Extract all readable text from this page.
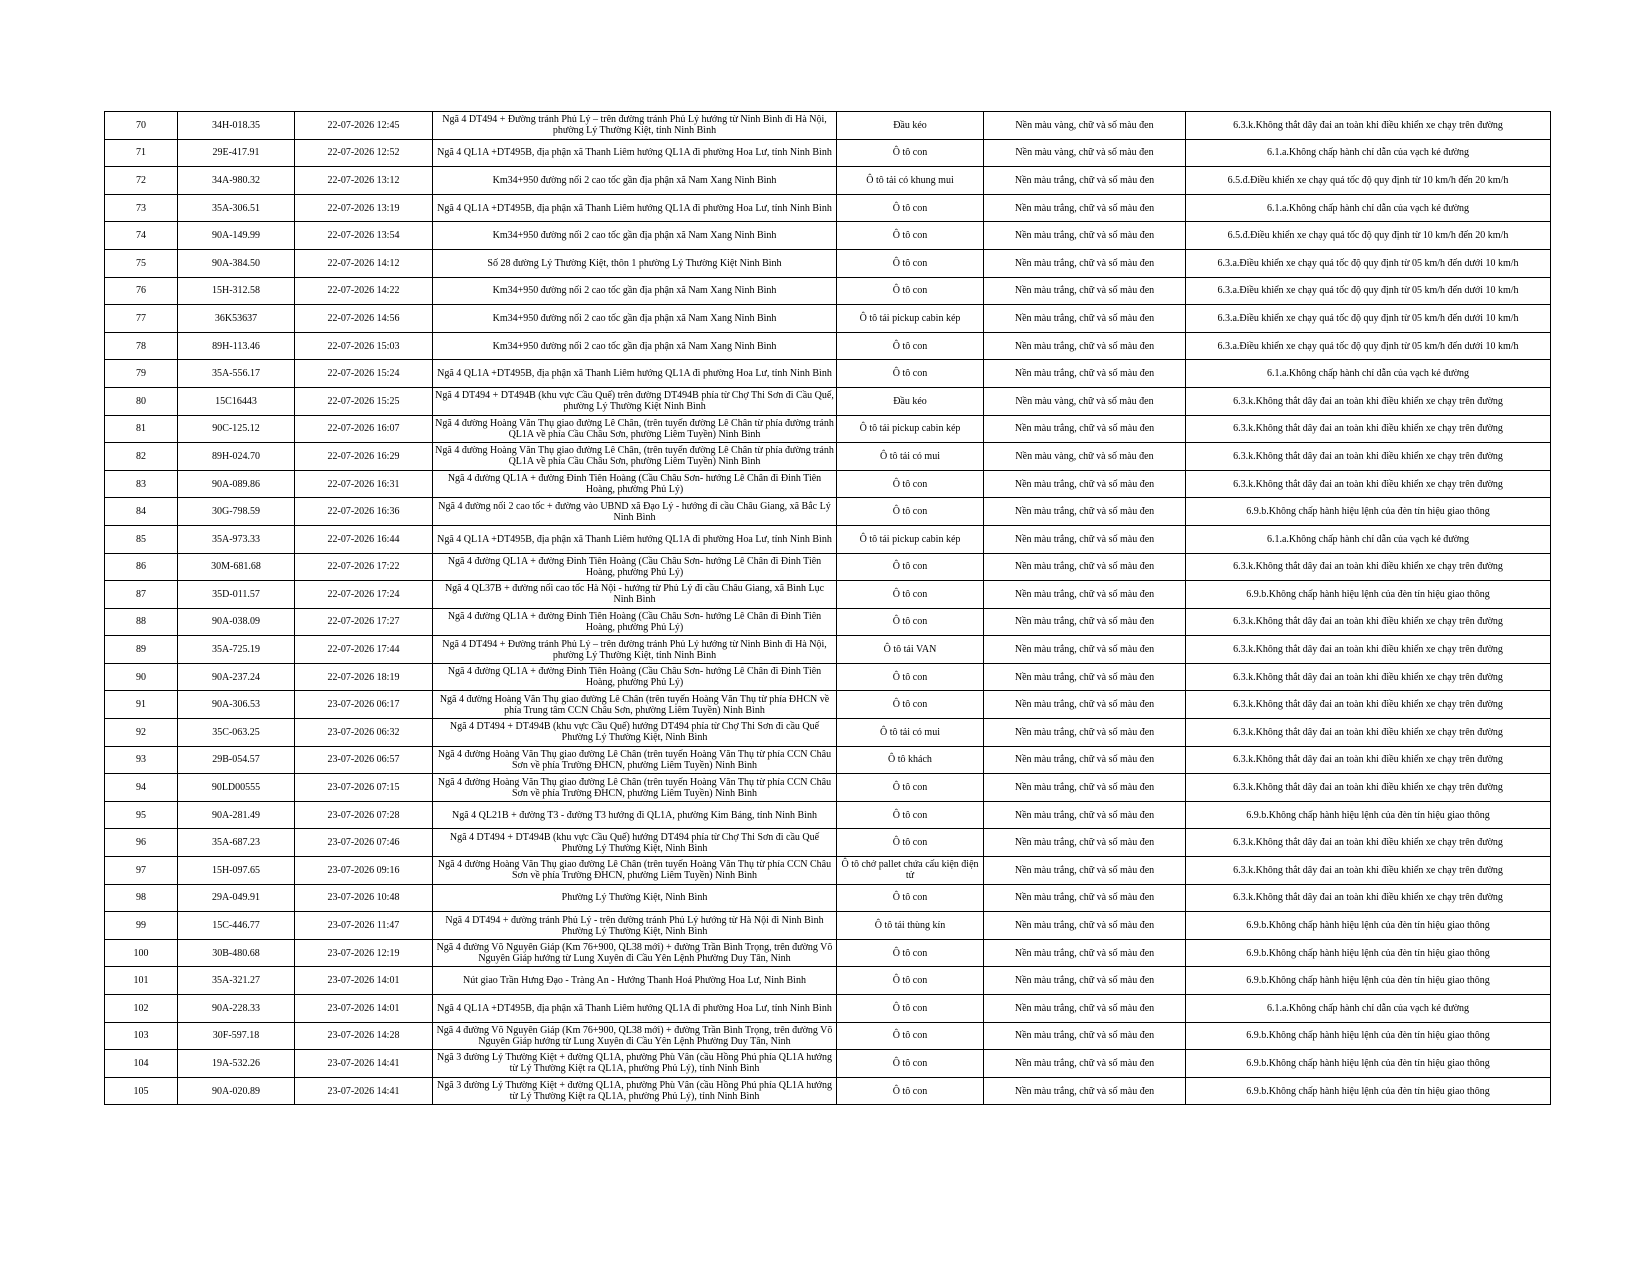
70	34H-018.35	22-07-2026 12:45	Ngã 4 DT494 + Đường tránh Phủ Lý – trên đường tránh Phủ Lý hướng từ Ninh Bình đi Hà Nội, phường Lý Thường Kiệt, tỉnh Ninh Bình	Đầu kéo	Nền màu vàng, chữ và số màu đen	6.3.k.Không thắt dây đai an toàn khi điều khiển xe chạy trên đường
71	29E-417.91	22-07-2026 12:52	Ngã 4 QL1A +DT495B, địa phận xã Thanh Liêm hướng QL1A đi phường Hoa Lư, tỉnh Ninh Bình	Ô tô con	Nền màu vàng, chữ và số màu đen	6.1.a.Không chấp hành chỉ dẫn của vạch kẻ đường
72	34A-980.32	22-07-2026 13:12	Km34+950 đường nối 2 cao tốc gần địa phận xã Nam Xang Ninh Bình	Ô tô tải có khung mui	Nền màu trắng, chữ và số màu đen	6.5.đ.Điều khiển xe chạy quá tốc độ quy định từ 10 km/h đến 20 km/h
73	35A-306.51	22-07-2026 13:19	Ngã 4 QL1A +DT495B, địa phận xã Thanh Liêm hướng QL1A đi phường Hoa Lư, tỉnh Ninh Bình	Ô tô con	Nền màu trắng, chữ và số màu đen	6.1.a.Không chấp hành chỉ dẫn của vạch kẻ đường
74	90A-149.99	22-07-2026 13:54	Km34+950 đường nối 2 cao tốc gần địa phận xã Nam Xang Ninh Bình	Ô tô con	Nền màu trắng, chữ và số màu đen	6.5.đ.Điều khiển xe chạy quá tốc độ quy định từ 10 km/h đến 20 km/h
75	90A-384.50	22-07-2026 14:12	Số 28 đường Lý Thường Kiệt, thôn 1 phường Lý Thường Kiệt Ninh Bình	Ô tô con	Nền màu trắng, chữ và số màu đen	6.3.a.Điều khiển xe chạy quá tốc độ quy định từ 05 km/h đến dưới 10 km/h
76	15H-312.58	22-07-2026 14:22	Km34+950 đường nối 2 cao tốc gần địa phận xã Nam Xang Ninh Bình	Ô tô con	Nền màu trắng, chữ và số màu đen	6.3.a.Điều khiển xe chạy quá tốc độ quy định từ 05 km/h đến dưới 10 km/h
77	36K53637	22-07-2026 14:56	Km34+950 đường nối 2 cao tốc gần địa phận xã Nam Xang Ninh Bình	Ô tô tải pickup cabin kép	Nền màu trắng, chữ và số màu đen	6.3.a.Điều khiển xe chạy quá tốc độ quy định từ 05 km/h đến dưới 10 km/h
78	89H-113.46	22-07-2026 15:03	Km34+950 đường nối 2 cao tốc gần địa phận xã Nam Xang Ninh Bình	Ô tô con	Nền màu trắng, chữ và số màu đen	6.3.a.Điều khiển xe chạy quá tốc độ quy định từ 05 km/h đến dưới 10 km/h
79	35A-556.17	22-07-2026 15:24	Ngã 4 QL1A +DT495B, địa phận xã Thanh Liêm hướng QL1A đi phường Hoa Lư, tỉnh Ninh Bình	Ô tô con	Nền màu trắng, chữ và số màu đen	6.1.a.Không chấp hành chỉ dẫn của vạch kẻ đường
80	15C16443	22-07-2026 15:25	Ngã 4 DT494 + DT494B (khu vực Cầu Quế) trên đường DT494B phía từ Chợ Thi Sơn đi Cầu Quế, phường Lý Thường Kiệt Ninh Bình	Đầu kéo	Nền màu vàng, chữ và số màu đen	6.3.k.Không thắt dây đai an toàn khi điều khiển xe chạy trên đường
81	90C-125.12	22-07-2026 16:07	Ngã 4 đường Hoàng Văn Thụ giao đường Lê Chân, (trên tuyến đường Lê Chân từ phía đường tránh QL1A về phía Cầu Châu Sơn, phường Liêm Tuyền) Ninh Bình	Ô tô tải pickup cabin kép	Nền màu trắng, chữ và số màu đen	6.3.k.Không thắt dây đai an toàn khi điều khiển xe chạy trên đường
82	89H-024.70	22-07-2026 16:29	Ngã 4 đường Hoàng Văn Thụ giao đường Lê Chân, (trên tuyến đường Lê Chân từ phía đường tránh QL1A về phía Cầu Châu Sơn, phường Liêm Tuyền) Ninh Bình	Ô tô tải có mui	Nền màu vàng, chữ và số màu đen	6.3.k.Không thắt dây đai an toàn khi điều khiển xe chạy trên đường
83	90A-089.86	22-07-2026 16:31	Ngã 4 đường QL1A + đường Đinh Tiên Hoàng (Cầu Châu Sơn- hướng Lê Chân đi Đinh Tiên Hoàng, phường Phủ Lý)	Ô tô con	Nền màu trắng, chữ và số màu đen	6.3.k.Không thắt dây đai an toàn khi điều khiển xe chạy trên đường
84	30G-798.59	22-07-2026 16:36	Ngã 4 đường nối 2 cao tốc + đường vào UBND xã Đạo Lý - hướng đi cầu Châu Giang, xã Bắc Lý Ninh Bình	Ô tô con	Nền màu trắng, chữ và số màu đen	6.9.b.Không chấp hành hiệu lệnh của đèn tín hiệu giao thông
85	35A-973.33	22-07-2026 16:44	Ngã 4 QL1A +DT495B, địa phận xã Thanh Liêm hướng QL1A đi phường Hoa Lư, tỉnh Ninh Bình	Ô tô tải pickup cabin kép	Nền màu trắng, chữ và số màu đen	6.1.a.Không chấp hành chỉ dẫn của vạch kẻ đường
86	30M-681.68	22-07-2026 17:22	Ngã 4 đường QL1A + đường Đinh Tiên Hoàng (Cầu Châu Sơn- hướng Lê Chân đi Đinh Tiên Hoàng, phường Phủ Lý)	Ô tô con	Nền màu trắng, chữ và số màu đen	6.3.k.Không thắt dây đai an toàn khi điều khiển xe chạy trên đường
87	35D-011.57	22-07-2026 17:24	Ngã 4 QL37B + đường nối cao tốc Hà Nội - hướng từ Phủ Lý đi cầu Châu Giang, xã Bình Lục Ninh Bình	Ô tô con	Nền màu trắng, chữ và số màu đen	6.9.b.Không chấp hành hiệu lệnh của đèn tín hiệu giao thông
88	90A-038.09	22-07-2026 17:27	Ngã 4 đường QL1A + đường Đinh Tiên Hoàng (Cầu Châu Sơn- hướng Lê Chân đi Đinh Tiên Hoàng, phường Phủ Lý)	Ô tô con	Nền màu trắng, chữ và số màu đen	6.3.k.Không thắt dây đai an toàn khi điều khiển xe chạy trên đường
89	35A-725.19	22-07-2026 17:44	Ngã 4 DT494 + Đường tránh Phủ Lý – trên đường tránh Phủ Lý hướng từ Ninh Bình đi Hà Nội, phường Lý Thường Kiệt, tỉnh Ninh Bình	Ô tô tải VAN	Nền màu trắng, chữ và số màu đen	6.3.k.Không thắt dây đai an toàn khi điều khiển xe chạy trên đường
90	90A-237.24	22-07-2026 18:19	Ngã 4 đường QL1A + đường Đinh Tiên Hoàng (Cầu Châu Sơn- hướng Lê Chân đi Đinh Tiên Hoàng, phường Phủ Lý)	Ô tô con	Nền màu trắng, chữ và số màu đen	6.3.k.Không thắt dây đai an toàn khi điều khiển xe chạy trên đường
91	90A-306.53	23-07-2026 06:17	Ngã 4 đường Hoàng Văn Thụ giao đường Lê Chân (trên tuyến Hoàng Văn Thụ từ phía ĐHCN về phía Trung tâm CCN Châu Sơn, phường Liêm Tuyền) Ninh Bình	Ô tô con	Nền màu trắng, chữ và số màu đen	6.3.k.Không thắt dây đai an toàn khi điều khiển xe chạy trên đường
92	35C-063.25	23-07-2026 06:32	Ngã 4 DT494 + DT494B (khu vực Cầu Quế) hướng DT494 phía từ Chợ Thi Sơn đi cầu Quế Phường Lý Thường Kiệt, Ninh Bình	Ô tô tải có mui	Nền màu trắng, chữ và số màu đen	6.3.k.Không thắt dây đai an toàn khi điều khiển xe chạy trên đường
93	29B-054.57	23-07-2026 06:57	Ngã 4 đường Hoàng Văn Thụ giao đường Lê Chân (trên tuyến Hoàng Văn Thụ từ phía CCN Châu Sơn về phía Trường ĐHCN, phường Liêm Tuyền) Ninh Bình	Ô tô khách	Nền màu trắng, chữ và số màu đen	6.3.k.Không thắt dây đai an toàn khi điều khiển xe chạy trên đường
94	90LD00555	23-07-2026 07:15	Ngã 4 đường Hoàng Văn Thụ giao đường Lê Chân (trên tuyến Hoàng Văn Thụ từ phía CCN Châu Sơn về phía Trường ĐHCN, phường Liêm Tuyền) Ninh Bình	Ô tô con	Nền màu trắng, chữ và số màu đen	6.3.k.Không thắt dây đai an toàn khi điều khiển xe chạy trên đường
95	90A-281.49	23-07-2026 07:28	Ngã 4 QL21B + đường T3 - đường T3 hướng đi QL1A, phường Kim Bảng, tỉnh Ninh Bình	Ô tô con	Nền màu trắng, chữ và số màu đen	6.9.b.Không chấp hành hiệu lệnh của đèn tín hiệu giao thông
96	35A-687.23	23-07-2026 07:46	Ngã 4 DT494 + DT494B (khu vực Cầu Quế) hướng DT494 phía từ Chợ Thi Sơn đi cầu Quế Phường Lý Thường Kiệt, Ninh Bình	Ô tô con	Nền màu trắng, chữ và số màu đen	6.3.k.Không thắt dây đai an toàn khi điều khiển xe chạy trên đường
97	15H-097.65	23-07-2026 09:16	Ngã 4 đường Hoàng Văn Thụ giao đường Lê Chân (trên tuyến Hoàng Văn Thụ từ phía CCN Châu Sơn về phía Trường ĐHCN, phường Liêm Tuyền) Ninh Bình	Ô tô chở pallet chứa cấu kiện điện tử	Nền màu trắng, chữ và số màu đen	6.3.k.Không thắt dây đai an toàn khi điều khiển xe chạy trên đường
98	29A-049.91	23-07-2026 10:48	Phường Lý Thường Kiệt, Ninh Bình	Ô tô con	Nền màu trắng, chữ và số màu đen	6.3.k.Không thắt dây đai an toàn khi điều khiển xe chạy trên đường
99	15C-446.77	23-07-2026 11:47	Ngã 4 DT494 + đường tránh Phủ Lý - trên đường tránh Phủ Lý hướng từ Hà Nội đi Ninh Bình Phường Lý Thường Kiệt, Ninh Bình	Ô tô tải thùng kín	Nền màu trắng, chữ và số màu đen	6.9.b.Không chấp hành hiệu lệnh của đèn tín hiệu giao thông
100	30B-480.68	23-07-2026 12:19	Ngã 4 đường Võ Nguyên Giáp (Km 76+900, QL38 mới) + đường Trần Bình Trọng, trên đường Võ Nguyên Giáp hướng từ Lung Xuyên đi Cầu Yên Lệnh Phường Duy Tân, Ninh	Ô tô con	Nền màu trắng, chữ và số màu đen	6.9.b.Không chấp hành hiệu lệnh của đèn tín hiệu giao thông
101	35A-321.27	23-07-2026 14:01	Nút giao Trần Hưng Đạo - Tràng An - Hướng Thanh Hoá Phường Hoa Lư, Ninh Bình	Ô tô con	Nền màu trắng, chữ và số màu đen	6.9.b.Không chấp hành hiệu lệnh của đèn tín hiệu giao thông
102	90A-228.33	23-07-2026 14:01	Ngã 4 QL1A +DT495B, địa phận xã Thanh Liêm hướng QL1A đi phường Hoa Lư, tỉnh Ninh Bình	Ô tô con	Nền màu trắng, chữ và số màu đen	6.1.a.Không chấp hành chỉ dẫn của vạch kẻ đường
103	30F-597.18	23-07-2026 14:28	Ngã 4 đường Võ Nguyên Giáp (Km 76+900, QL38 mới) + đường Trần Bình Trọng, trên đường Võ Nguyên Giáp hướng từ Lung Xuyên đi Cầu Yên Lệnh Phường Duy Tân, Ninh	Ô tô con	Nền màu trắng, chữ và số màu đen	6.9.b.Không chấp hành hiệu lệnh của đèn tín hiệu giao thông
104	19A-532.26	23-07-2026 14:41	Ngã 3 đường Lý Thường Kiệt + đường QL1A, phường Phù Vân (cầu Hồng Phú phía QL1A hướng từ Lý Thường Kiệt ra QL1A, phường Phủ Lý), tỉnh Ninh Bình	Ô tô con	Nền màu trắng, chữ và số màu đen	6.9.b.Không chấp hành hiệu lệnh của đèn tín hiệu giao thông
105	90A-020.89	23-07-2026 14:41	Ngã 3 đường Lý Thường Kiệt + đường QL1A, phường Phù Vân (cầu Hồng Phú phía QL1A hướng từ Lý Thường Kiệt ra QL1A, phường Phủ Lý), tỉnh Ninh Bình	Ô tô con	Nền màu trắng, chữ và số màu đen	6.9.b.Không chấp hành hiệu lệnh của đèn tín hiệu giao thông
